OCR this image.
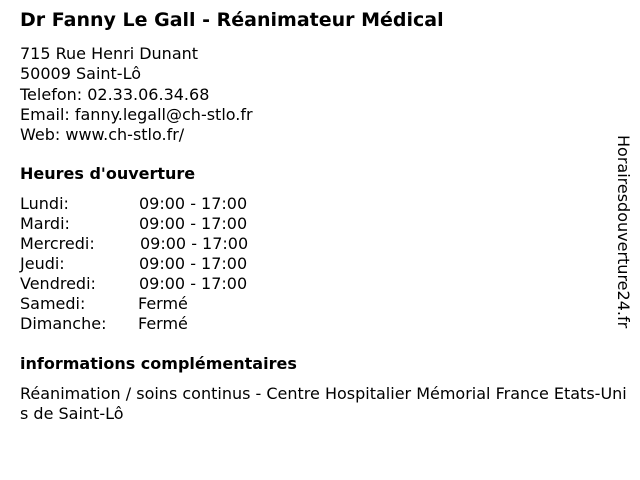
Dr Fanny Le Gall - Réanimateur Médical
715 Rue Henri Dunant
50009 Saint-Lô
Telefon: 02.33.06.34.68
Email: fanny.legall@ch-stlo.fr
Web: www.ch-stlo.fr/
Heures d'ouverture
Lundi:	09:00 - 17:00
Mardi:	09:00 - 17:00
Mercredi:	09:00 - 17:00
Jeudi:	09:00 - 17:00
Vendredi:	09:00 - 17:00
Samedi:	Fermé
Dimanche: Fermé
informations complémentaires
Réanimation / soins continus - Centre Hospitalier Mémorial France Etats-Unis de Saint-Lô
Horairesdouverture24.fr
